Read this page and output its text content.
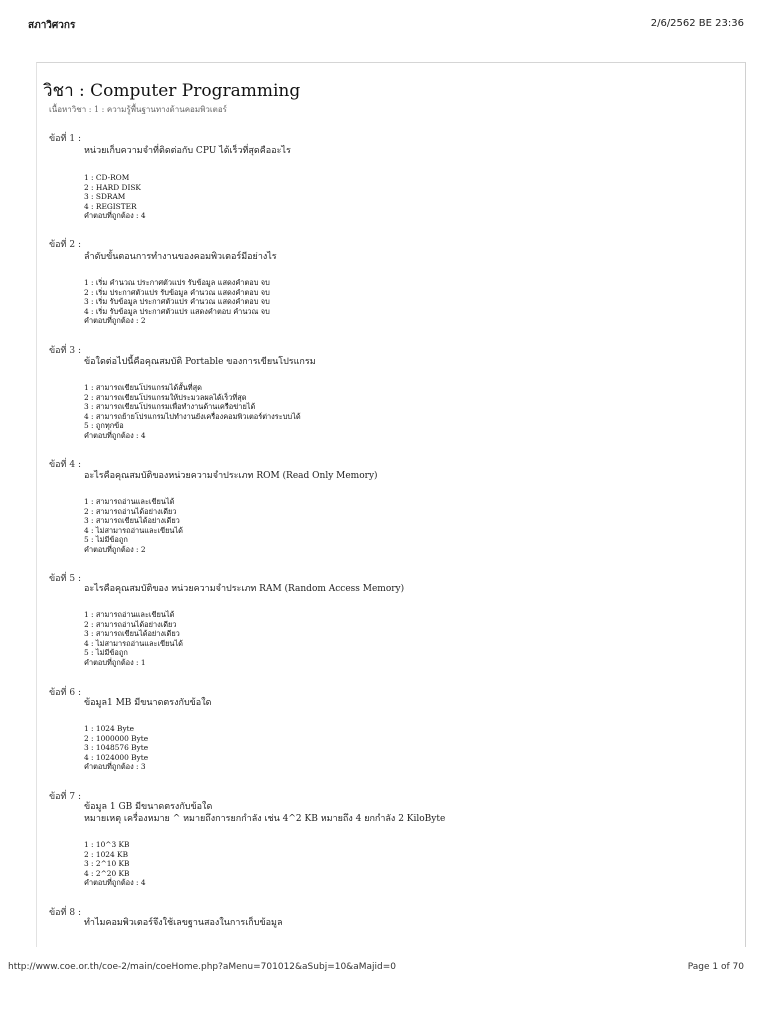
สภาวิศวกร	2/6/2562 BE 23:36
วิชา : Computer Programming
เนื้อหาวิชา : 1 : ความรู้พื้นฐานทางด้านคอมพิวเตอร์
ข้อที่ 1 :
หน่วยเก็บความจำที่ติดต่อกับ CPU ได้เร็วที่สุดคืออะไร
1 : CD-ROM
2 : HARD DISK
3 : SDRAM
4 : REGISTER
คำตอบที่ถูกต้อง : 4
ข้อที่ 2 :
ลำดับขั้นตอนการทำงานของคอมพิวเตอร์มีอย่างไร
1 : เริ่ม คำนวณ ประกาศตัวแปร รับข้อมูล แสดงคำตอบ จบ
2 : เริ่ม ประกาศตัวแปร รับข้อมูล คำนวณ แสดงคำตอบ จบ
3 : เริ่ม รับข้อมูล ประกาศตัวแปร คำนวณ แสดงคำตอบ จบ
4 : เริ่ม รับข้อมูล ประกาศตัวแปร แสดงคำตอบ คำนวณ จบ
คำตอบที่ถูกต้อง : 2
ข้อที่ 3 :
ข้อใดต่อไปนี้คือคุณสมบัติ Portable ของการเขียนโปรแกรม
1 : สามารถเขียนโปรแกรมได้สั้นที่สุด
2 : สามารถเขียนโปรแกรมให้ประมวลผลได้เร็วที่สุด
3 : สามารถเขียนโปรแกรมเพื่อทำงานด้านเครือข่ายได้
4 : สามารถย้ายโปรแกรมไปทำงานยังเครื่องคอมพิวเตอร์ต่างระบบได้
5 : ถูกทุกข้อ
คำตอบที่ถูกต้อง : 4
ข้อที่ 4 :
อะไรคือคุณสมบัติของหน่วยความจำประเภท ROM (Read Only Memory)
1 : สามารถอ่านและเขียนได้
2 : สามารถอ่านได้อย่างเดียว
3 : สามารถเขียนได้อย่างเดียว
4 : ไม่สามารถอ่านและเขียนได้
5 : ไม่มีข้อถูก
คำตอบที่ถูกต้อง : 2
ข้อที่ 5 :
อะไรคือคุณสมบัติของ หน่วยความจำประเภท RAM (Random Access Memory)
1 : สามารถอ่านและเขียนได้
2 : สามารถอ่านได้อย่างเดียว
3 : สามารถเขียนได้อย่างเดียว
4 : ไม่สามารถอ่านและเขียนได้
5 : ไม่มีข้อถูก
คำตอบที่ถูกต้อง : 1
ข้อที่ 6 :
ข้อมูล1 MB มีขนาดตรงกับข้อใด
1 : 1024 Byte
2 : 1000000 Byte
3 : 1048576 Byte
4 : 1024000 Byte
คำตอบที่ถูกต้อง : 3
ข้อที่ 7 :
ข้อมูล 1 GB มีขนาดตรงกับข้อใด
หมายเหตุ เครื่องหมาย ^ หมายถึงการยกกำลัง เช่น 4^2 KB หมายถึง 4 ยกกำลัง 2 KiloByte
1 : 10^3 KB
2 : 1024 KB
3 : 2^10 KB
4 : 2^20 KB
คำตอบที่ถูกต้อง : 4
ข้อที่ 8 :
ทำไมคอมพิวเตอร์จึงใช้เลขฐานสองในการเก็บข้อมูล
http://www.coe.or.th/coe-2/main/coeHome.php?aMenu=701012&aSubj=10&aMajid=0	Page 1 of 70
